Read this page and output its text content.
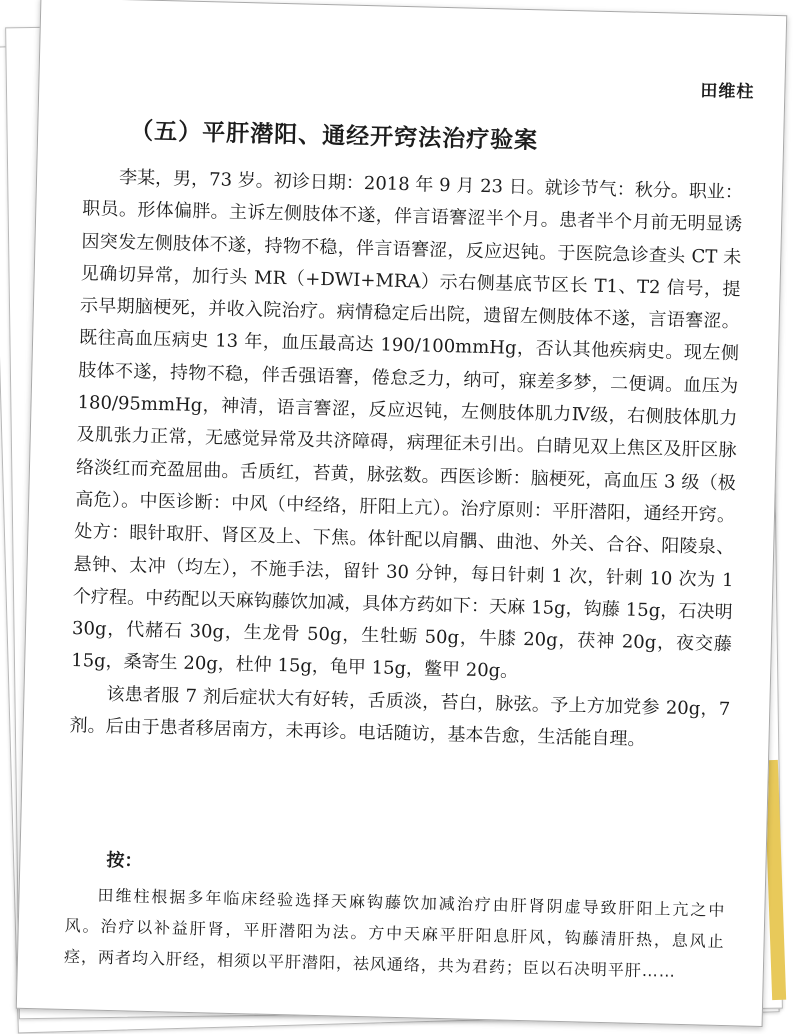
田维柱
（五）平肝潜阳、通经开窍法治疗验案

李某，男，73 岁。初诊日期：2018 年 9 月 23 日。就诊节气：秋分。职业：职员。形体偏胖。主诉左侧肢体不遂，伴言语謇涩半个月。患者半个月前无明显诱因突发左侧肢体不遂，持物不稳，伴言语謇涩，反应迟钝。于医院急诊查头 CT 未见确切异常，加行头 MR（+DWI+MRA）示右侧基底节区长 T1、T2 信号，提示早期脑梗死，并收入院治疗。病情稳定后出院，遗留左侧肢体不遂，言语謇涩。既往高血压病史 13 年，血压最高达 190/100mmHg，否认其他疾病史。现左侧肢体不遂，持物不稳，伴舌强语謇，倦怠乏力，纳可，寐差多梦，二便调。血压为 180/95mmHg，神清，语言謇涩，反应迟钝，左侧肢体肌力Ⅳ级，右侧肢体肌力及肌张力正常，无感觉异常及共济障碍，病理征未引出。白睛见双上焦区及肝区脉络淡红而充盈屈曲。舌质红，苔黄，脉弦数。西医诊断：脑梗死，高血压 3 级（极高危）。中医诊断：中风（中经络，肝阳上亢）。治疗原则：平肝潜阳，通经开窍。处方：眼针取肝、肾区及上、下焦。体针配以肩髃、曲池、外关、合谷、阳陵泉、悬钟、太冲（均左），不施手法，留针 30 分钟，每日针刺 1 次，针刺 10 次为 1 个疗程。中药配以天麻钩藤饮加减，具体方药如下：天麻 15g，钩藤 15g，石决明 30g，代赭石 30g，生龙骨 50g，生牡蛎 50g，牛膝 20g，茯神 20g，夜交藤 15g，桑寄生 20g，杜仲 15g，龟甲 15g，鳖甲 20g。

该患者服 7 剂后症状大有好转，舌质淡，苔白，脉弦。予上方加党参 20g，7 剂。后由于患者移居南方，未再诊。电话随访，基本告愈，生活能自理。

按：

田维柱根据多年临床经验选择天麻钩藤饮加减治疗由肝肾阴虚导致肝阳上亢之中风。治疗以补益肝肾，平肝潜阳为法。方中天麻平肝阳息肝风，钩藤清肝热，息风止痉，两者均入肝经，相须以平肝潜阳，祛风通络，共为君药；臣以石决明平肝……
